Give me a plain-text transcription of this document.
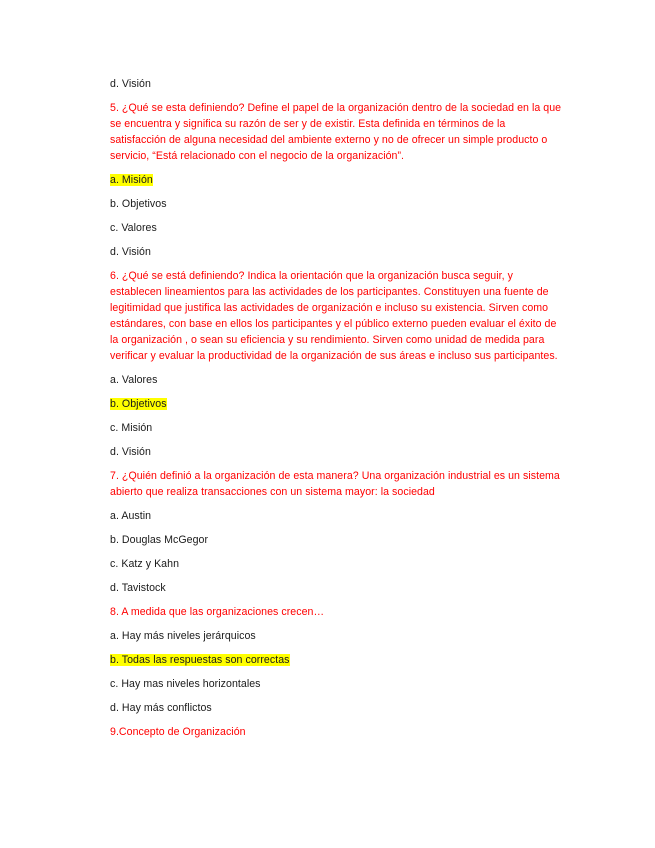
d. Visión

5. ¿Qué se esta definiendo? Define el papel de la organización dentro de la sociedad en la que se encuentra y significa su razón de ser y de existir. Esta definida en términos de la satisfacción de alguna necesidad del ambiente externo y no de ofrecer un simple producto o servicio, “Está relacionado con el negocio de la organización”.

a. Misión

b. Objetivos

c. Valores

d. Visión

6. ¿Qué se está definiendo? Indica la orientación que la organización busca seguir, y establecen lineamientos para las actividades de los participantes. Constituyen una fuente de legitimidad que justifica las actividades de organización e incluso su existencia. Sirven como estándares, con base en ellos los participantes y el público externo pueden evaluar el éxito de la organización , o sean su eficiencia y su rendimiento. Sirven como unidad de medida para verificar y evaluar la productividad de la organización de sus áreas e incluso sus participantes.

a. Valores

b. Objetivos

c. Misión

d. Visión

7. ¿Quién definió a la organización de esta manera? Una organización industrial es un sistema abierto que realiza transacciones con un sistema mayor: la sociedad

a. Austin

b. Douglas McGegor

c. Katz y Kahn

d. Tavistock

8. A medida que las organizaciones crecen…

a. Hay más niveles jerárquicos

b. Todas las respuestas son correctas

c. Hay mas niveles horizontales

d. Hay más conflictos

9.Concepto de Organización
